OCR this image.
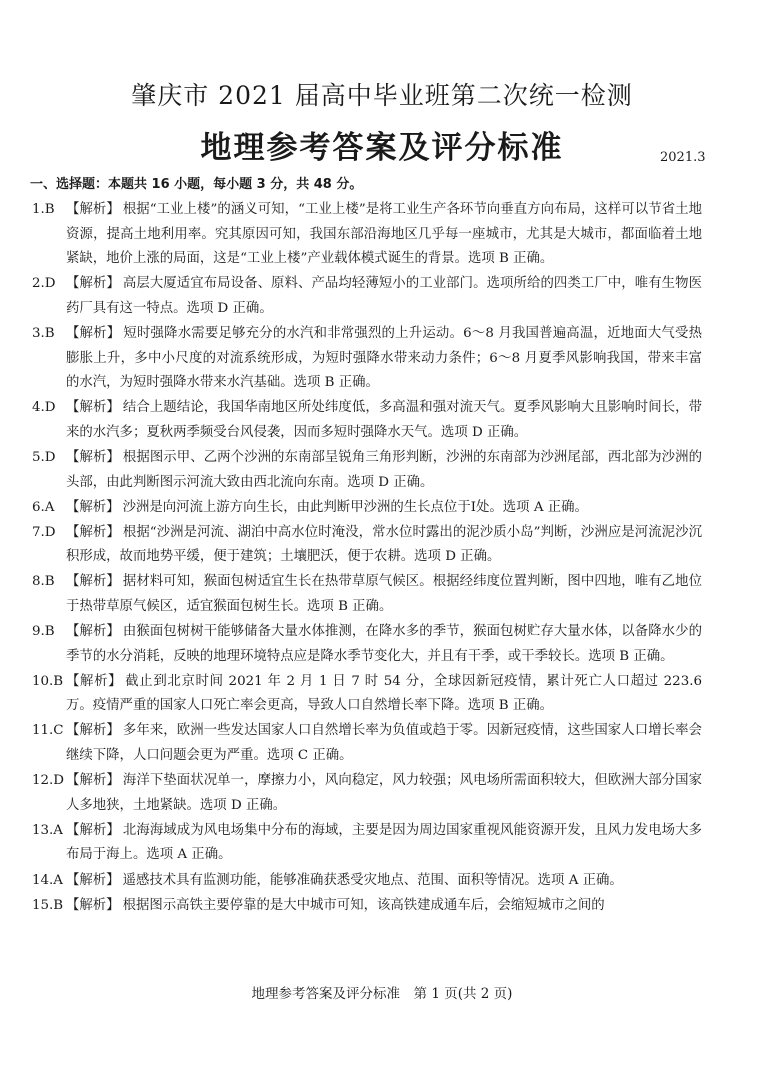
肇庆市 2021 届高中毕业班第二次统一检测
地理参考答案及评分标准	2021.3
一、选择题：本题共 16 小题，每小题 3 分，共 48 分。
1.B 【解析】 根据“工业上楼”的涵义可知，“工业上楼”是将工业生产各环节向垂直方向布局，这样可以节省土地资源，提高土地利用率。究其原因可知，我国东部沿海地区几乎每一座城市，尤其是大城市，都面临着土地紧缺，地价上涨的局面，这是“工业上楼”产业载体模式诞生的背景。选项 B 正确。
2.D 【解析】 高层大厦适宜布局设备、原料、产品均轻薄短小的工业部门。选项所给的四类工厂中，唯有生物医药厂具有这一特点。选项 D 正确。
3.B 【解析】 短时强降水需要足够充分的水汽和非常强烈的上升运动。6～8 月我国普遍高温，近地面大气受热膨胀上升，多中小尺度的对流系统形成，为短时强降水带来动力条件；6～8 月夏季风影响我国，带来丰富的水汽，为短时强降水带来水汽基础。选项 B 正确。
4.D 【解析】 结合上题结论，我国华南地区所处纬度低，多高温和强对流天气。夏季风影响大且影响时间长，带来的水汽多；夏秋两季频受台风侵袭，因而多短时强降水天气。选项 D 正确。
5.D 【解析】 根据图示甲、乙两个沙洲的东南部呈锐角三角形判断，沙洲的东南部为沙洲尾部，西北部为沙洲的头部，由此判断图示河流大致由西北流向东南。选项 D 正确。
6.A 【解析】 沙洲是向河流上游方向生长，由此判断甲沙洲的生长点位于Ⅰ处。选项 A 正确。
7.D 【解析】 根据“沙洲是河流、湖泊中高水位时淹没，常水位时露出的泥沙质小岛”判断，沙洲应是河流泥沙沉积形成，故而地势平缓，便于建筑；土壤肥沃，便于农耕。选项 D 正确。
8.B 【解析】 据材料可知，猴面包树适宜生长在热带草原气候区。根据经纬度位置判断，图中四地，唯有乙地位于热带草原气候区，适宜猴面包树生长。选项 B 正确。
9.B 【解析】 由猴面包树树干能够储备大量水体推测，在降水多的季节，猴面包树贮存大量水体，以备降水少的季节的水分消耗，反映的地理环境特点应是降水季节变化大，并且有干季，或干季较长。选项 B 正确。
10.B 【解析】 截止到北京时间 2021 年 2 月 1 日 7 时 54 分，全球因新冠疫情，累计死亡人口超过 223.6 万。疫情严重的国家人口死亡率会更高，导致人口自然增长率下降。选项 B 正确。
11.C 【解析】 多年来，欧洲一些发达国家人口自然增长率为负值或趋于零。因新冠疫情，这些国家人口增长率会继续下降，人口问题会更为严重。选项 C 正确。
12.D 【解析】 海洋下垫面状况单一，摩擦力小，风向稳定，风力较强；风电场所需面积较大，但欧洲大部分国家人多地狭，土地紧缺。选项 D 正确。
13.A 【解析】 北海海域成为风电场集中分布的海域，主要是因为周边国家重视风能资源开发，且风力发电场大多布局于海上。选项 A 正确。
14.A 【解析】 遥感技术具有监测功能，能够准确获悉受灾地点、范围、面积等情况。选项 A 正确。
15.B 【解析】 根据图示高铁主要停靠的是大中城市可知，该高铁建成通车后，会缩短城市之间的
地理参考答案及评分标准　第 1 页(共 2 页)
